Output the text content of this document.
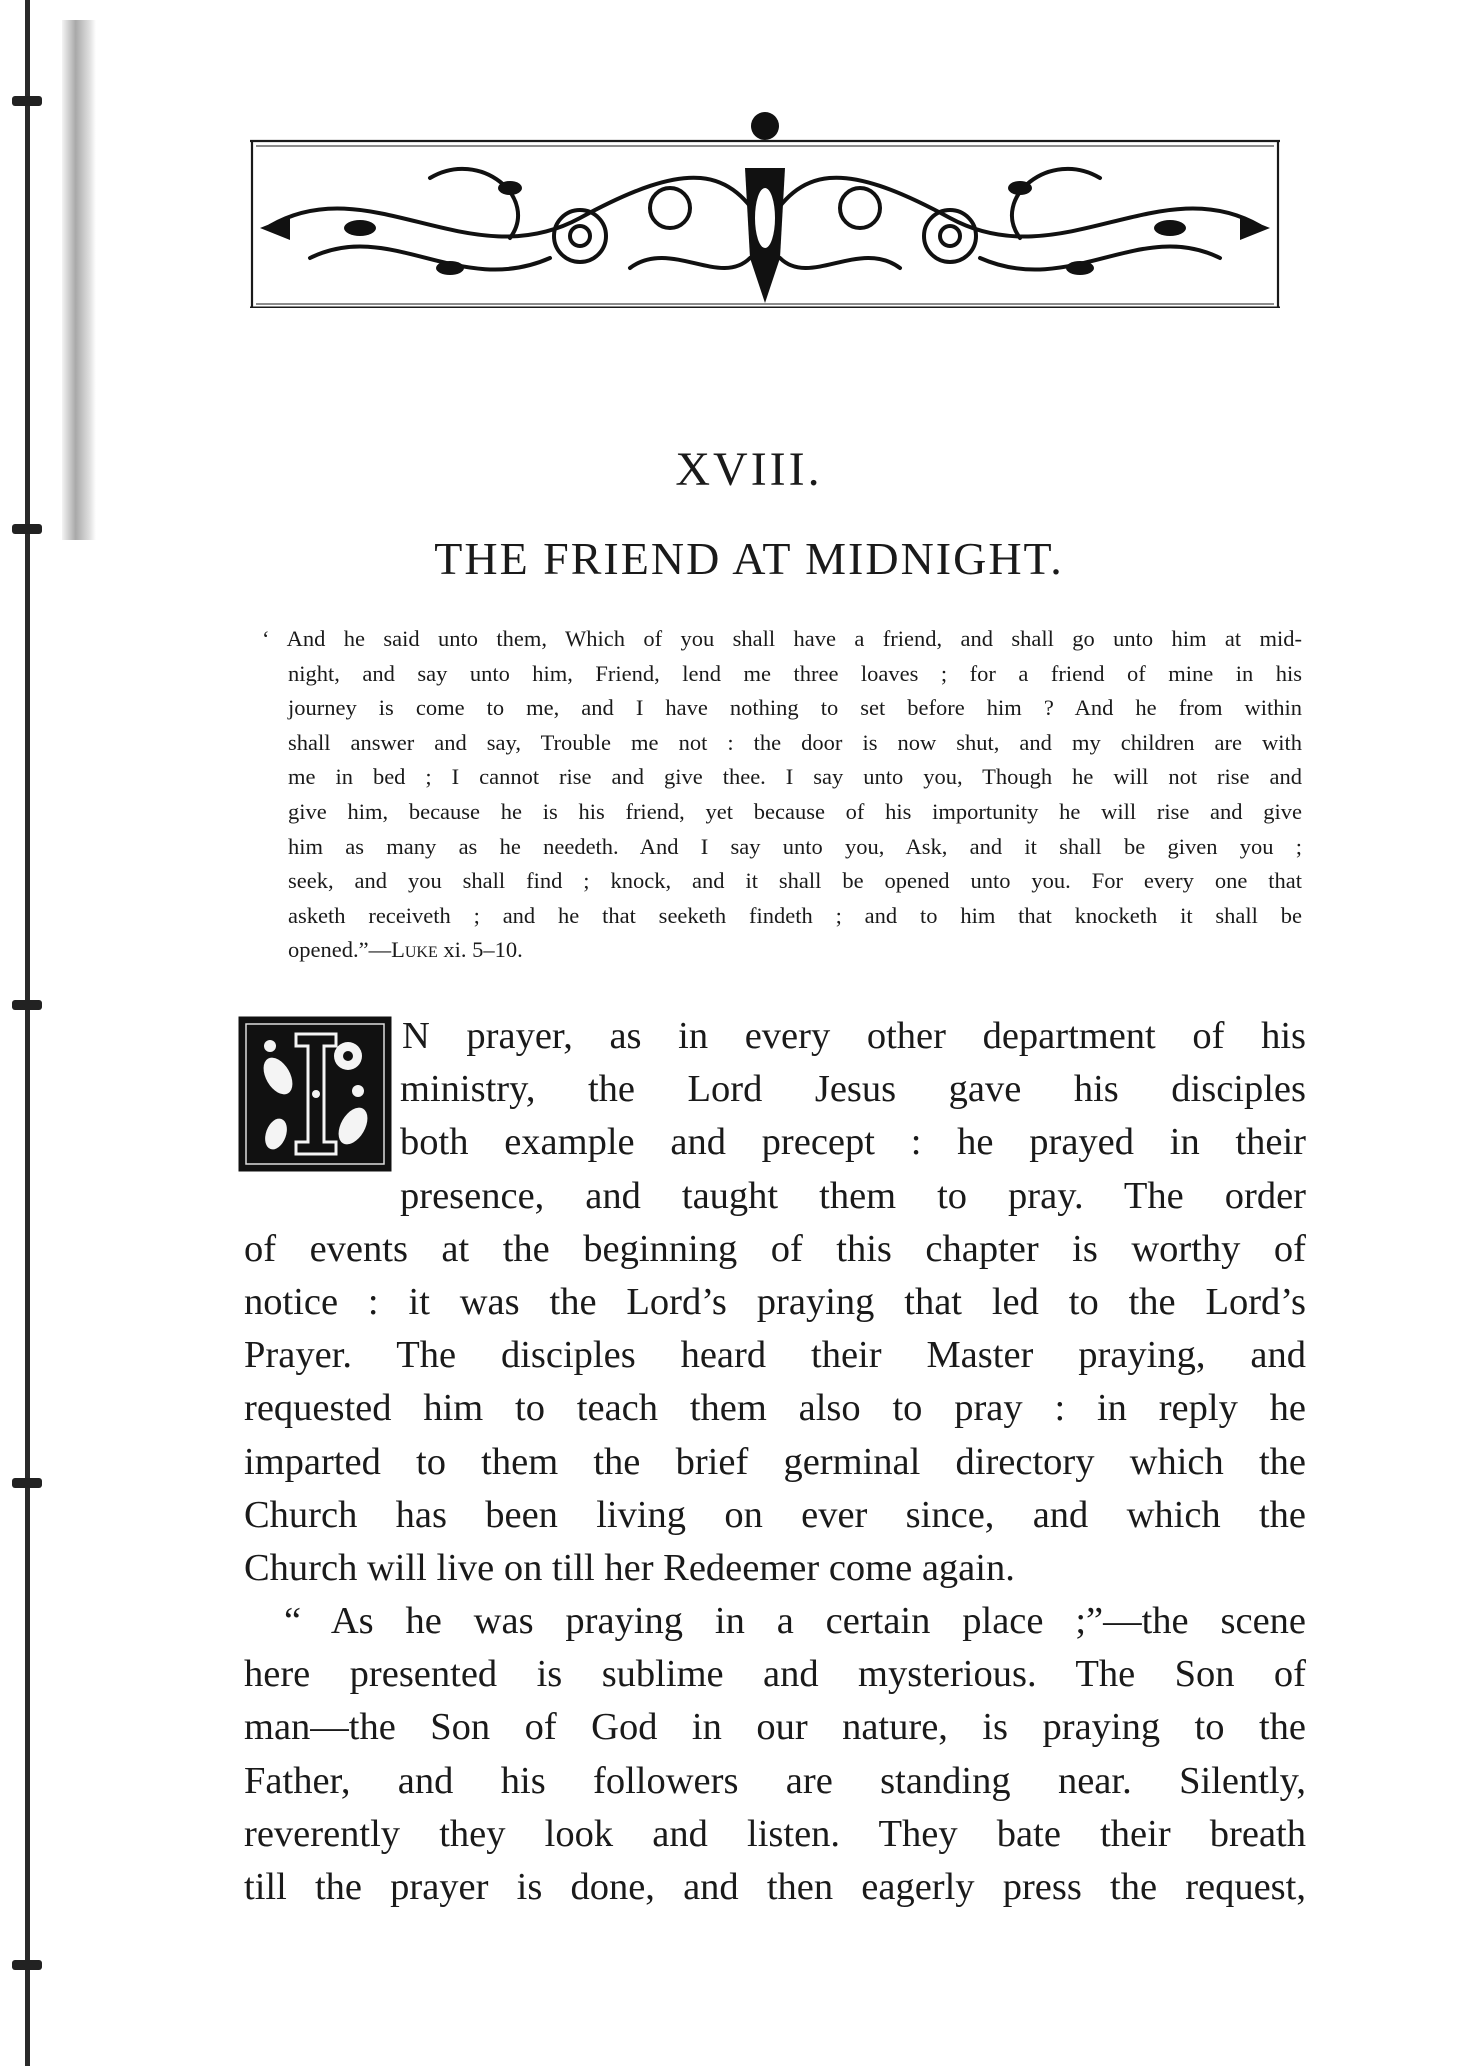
XVIII.
THE FRIEND AT MIDNIGHT.
‘ And he said unto them, Which of you shall have a friend, and shall go unto him at mid-
night, and say unto him, Friend, lend me three loaves ; for a friend of mine in his
journey is come to me, and I have nothing to set before him ? And he from within
shall answer and say, Trouble me not : the door is now shut, and my children are with
me in bed ; I cannot rise and give thee. I say unto you, Though he will not rise and
give him, because he is his friend, yet because of his importunity he will rise and give
him as many as he needeth. And I say unto you, Ask, and it shall be given you ;
seek, and you shall find ; knock, and it shall be opened unto you. For every one that
asketh receiveth ; and he that seeketh findeth ; and to him that knocketh it shall be
opened.”—Luke xi. 5–10.
N prayer, as in every other department of his
ministry, the Lord Jesus gave his disciples
both example and precept : he prayed in their
presence, and taught them to pray. The order
of events at the beginning of this chapter is worthy of
notice : it was the Lord’s praying that led to the Lord’s
Prayer. The disciples heard their Master praying, and
requested him to teach them also to pray : in reply he
imparted to them the brief germinal directory which the
Church has been living on ever since, and which the
Church will live on till her Redeemer come again.
“ As he was praying in a certain place ;”—the scene
here presented is sublime and mysterious. The Son of
man—the Son of God in our nature, is praying to the
Father, and his followers are standing near. Silently,
reverently they look and listen. They bate their breath
till the prayer is done, and then eagerly press the request,
